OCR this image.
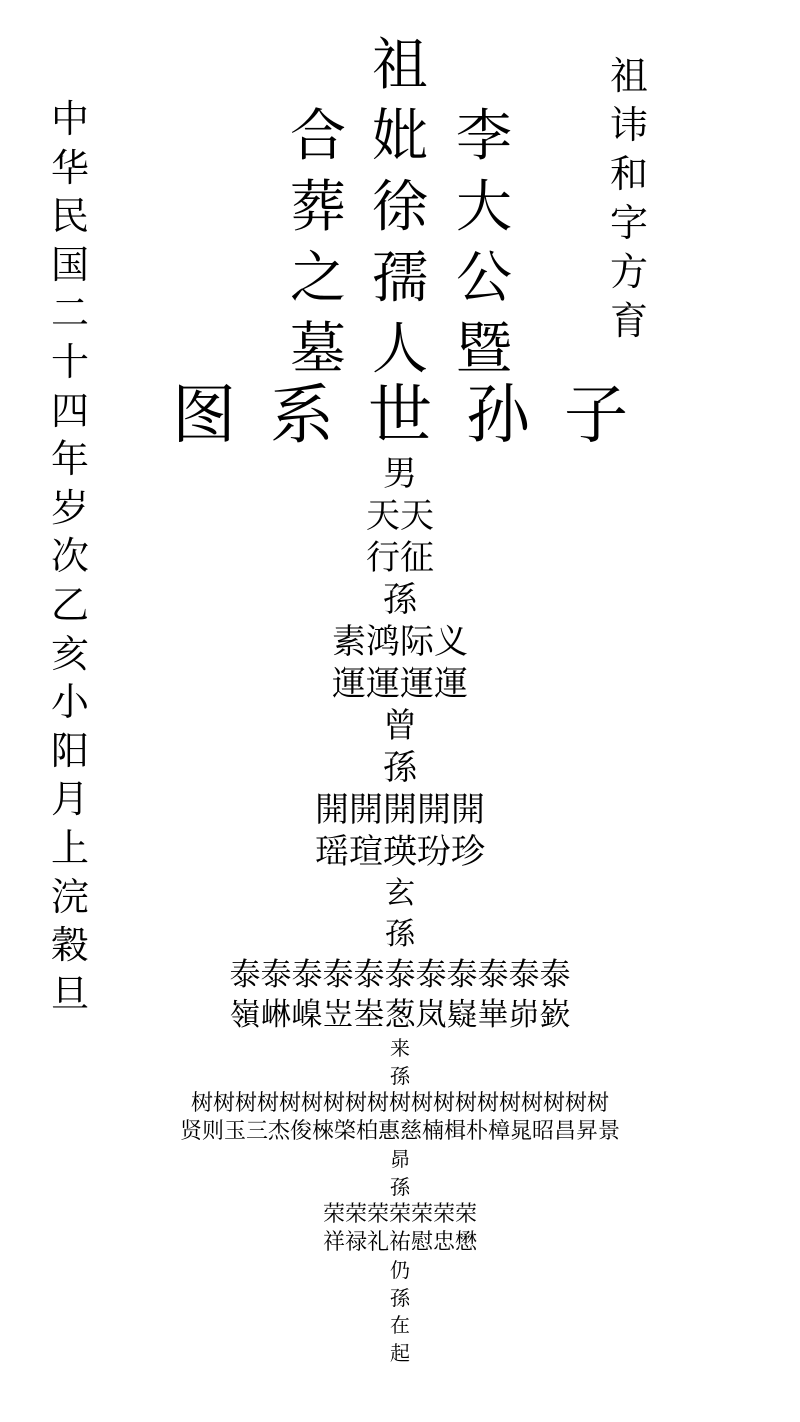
中
华
民
国
二
十
四
年
岁
次
乙
亥
小
阳
月
上
浣
穀
旦
祖
讳
和
字
方
育
祖
合
葬
之
墓
妣
徐
孺
人
李
大
公
暨
图 系 世 孙 子
男
天天
行征
孫
素鸿际义
運運運運
曾
孫
開開開開開
瑶瑄瑛玢珍
玄
孫
泰泰泰泰泰泰泰泰泰泰泰
嶺崊嵲岦峚葱岚嶷崋峁嶔
来
孫
树树树树树树树树树树树树树树树树树树树
贤则玉三杰俊棶棨柏惠慈楠楫朴樟晁昭昌昇景
昴
孫
荣荣荣荣荣荣荣
祥禄礼祐慰忠懋
仍
孫
在
起
